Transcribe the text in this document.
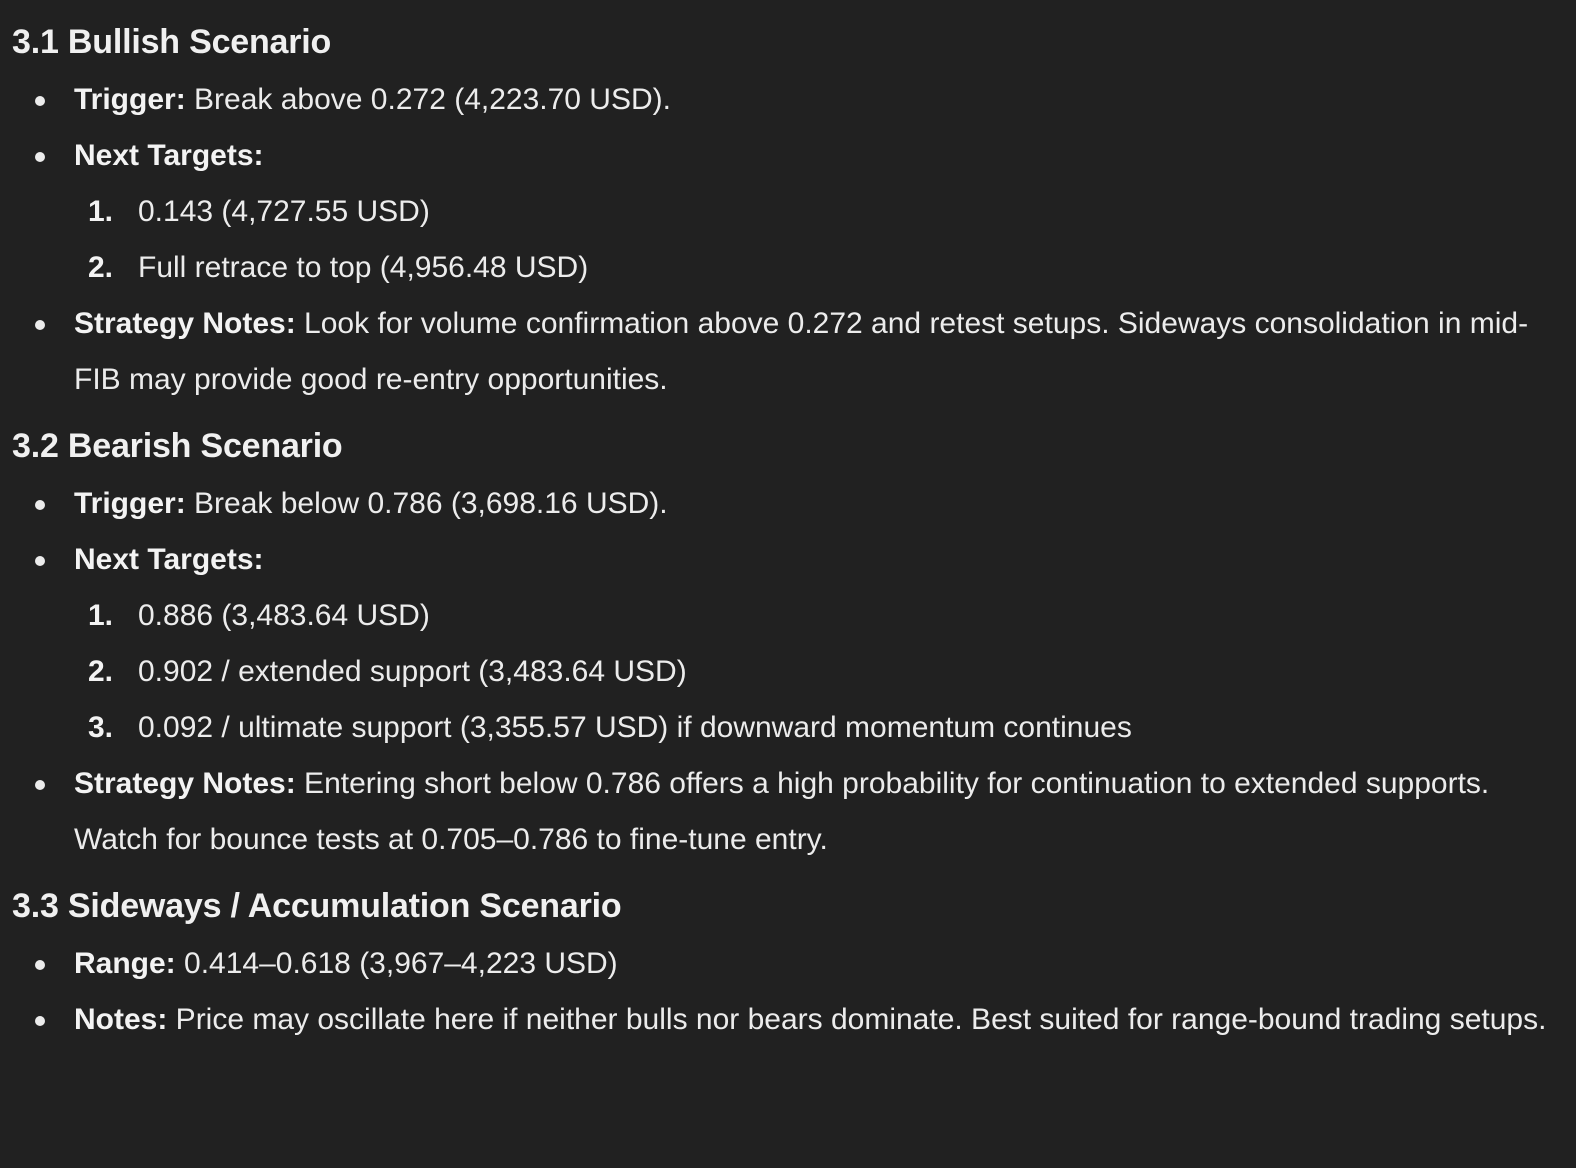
3.1 Bullish Scenario
Trigger: Break above 0.272 (4,223.70 USD).
Next Targets:
1. 0.143 (4,727.55 USD)
2. Full retrace to top (4,956.48 USD)
Strategy Notes: Look for volume confirmation above 0.272 and retest setups. Sideways consolidation in mid-FIB may provide good re-entry opportunities.
3.2 Bearish Scenario
Trigger: Break below 0.786 (3,698.16 USD).
Next Targets:
1. 0.886 (3,483.64 USD)
2. 0.902 / extended support (3,483.64 USD)
3. 0.092 / ultimate support (3,355.57 USD) if downward momentum continues
Strategy Notes: Entering short below 0.786 offers a high probability for continuation to extended supports. Watch for bounce tests at 0.705–0.786 to fine-tune entry.
3.3 Sideways / Accumulation Scenario
Range: 0.414–0.618 (3,967–4,223 USD)
Notes: Price may oscillate here if neither bulls nor bears dominate. Best suited for range-bound trading setups.
